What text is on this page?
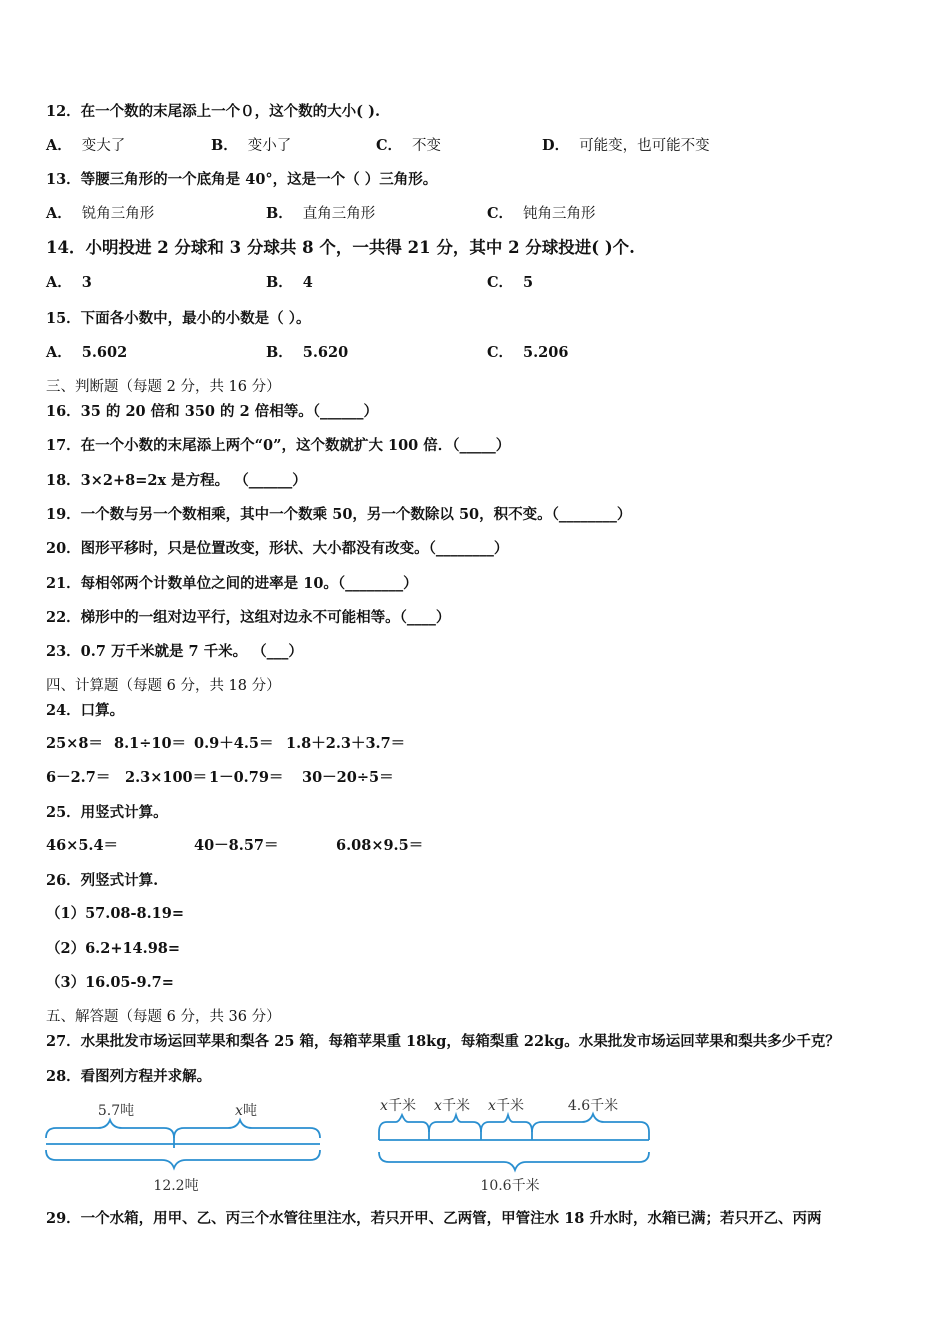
12．在一个数的末尾添上一个０，这个数的大小( ).
A． 变大了	B． 变小了	C． 不变	D． 可能变，也可能不变
13．等腰三角形的一个底角是 40°，这是一个（ ）三角形。
A． 锐角三角形	B． 直角三角形	C． 钝角三角形
14．小明投进 2 分球和 3 分球共 8 个，一共得 21 分，其中 2 分球投进( )个.
A． 3	B． 4	C． 5
15．下面各小数中，最小的小数是（ ）。
A． 5.602	B． 5.620	C． 5.206
三、判断题（每题 2 分，共 16 分）
16．35 的 20 倍和 350 的 2 倍相等。（______）
17．在一个小数的末尾添上两个“0”，这个数就扩大 100 倍．（_____）
18．3×2+8=2x 是方程。 （______）
19．一个数与另一个数相乘，其中一个数乘 50，另一个数除以 50，积不变。（________）
20．图形平移时，只是位置改变，形状、大小都没有改变。（________）
21．每相邻两个计数单位之间的进率是 10。（________）
22．梯形中的一组对边平行，这组对边永不可能相等。（____）
23．0.7 万千米就是 7 千米。 （___）
四、计算题（每题 6 分，共 18 分）
24．口算。
25×8＝ 8.1÷10＝ 0.9＋4.5＝ 1.8＋2.3＋3.7＝
6－2.7＝ 2.3×100＝ 1－0.79＝ 30－20÷5＝
25．用竖式计算。
46×5.4＝	40－8.57＝	6.08×9.5＝
26．列竖式计算.
（1）57.08-8.19=
（2）6.2+14.98=
（3）16.05-9.7=
五、解答题（每题 6 分，共 36 分）
27．水果批发市场运回苹果和梨各 25 箱，每箱苹果重 18kg，每箱梨重 22kg。水果批发市场运回苹果和梨共多少千克？
28．看图列方程并求解。
5.7吨	x吨
12.2吨
x千米 x千米 x千米	4.6千米
10.6千米
29．一个水箱，用甲、乙、丙三个水管往里注水，若只开甲、乙两管，甲管注水 18 升水时，水箱已满；若只开乙、丙两
